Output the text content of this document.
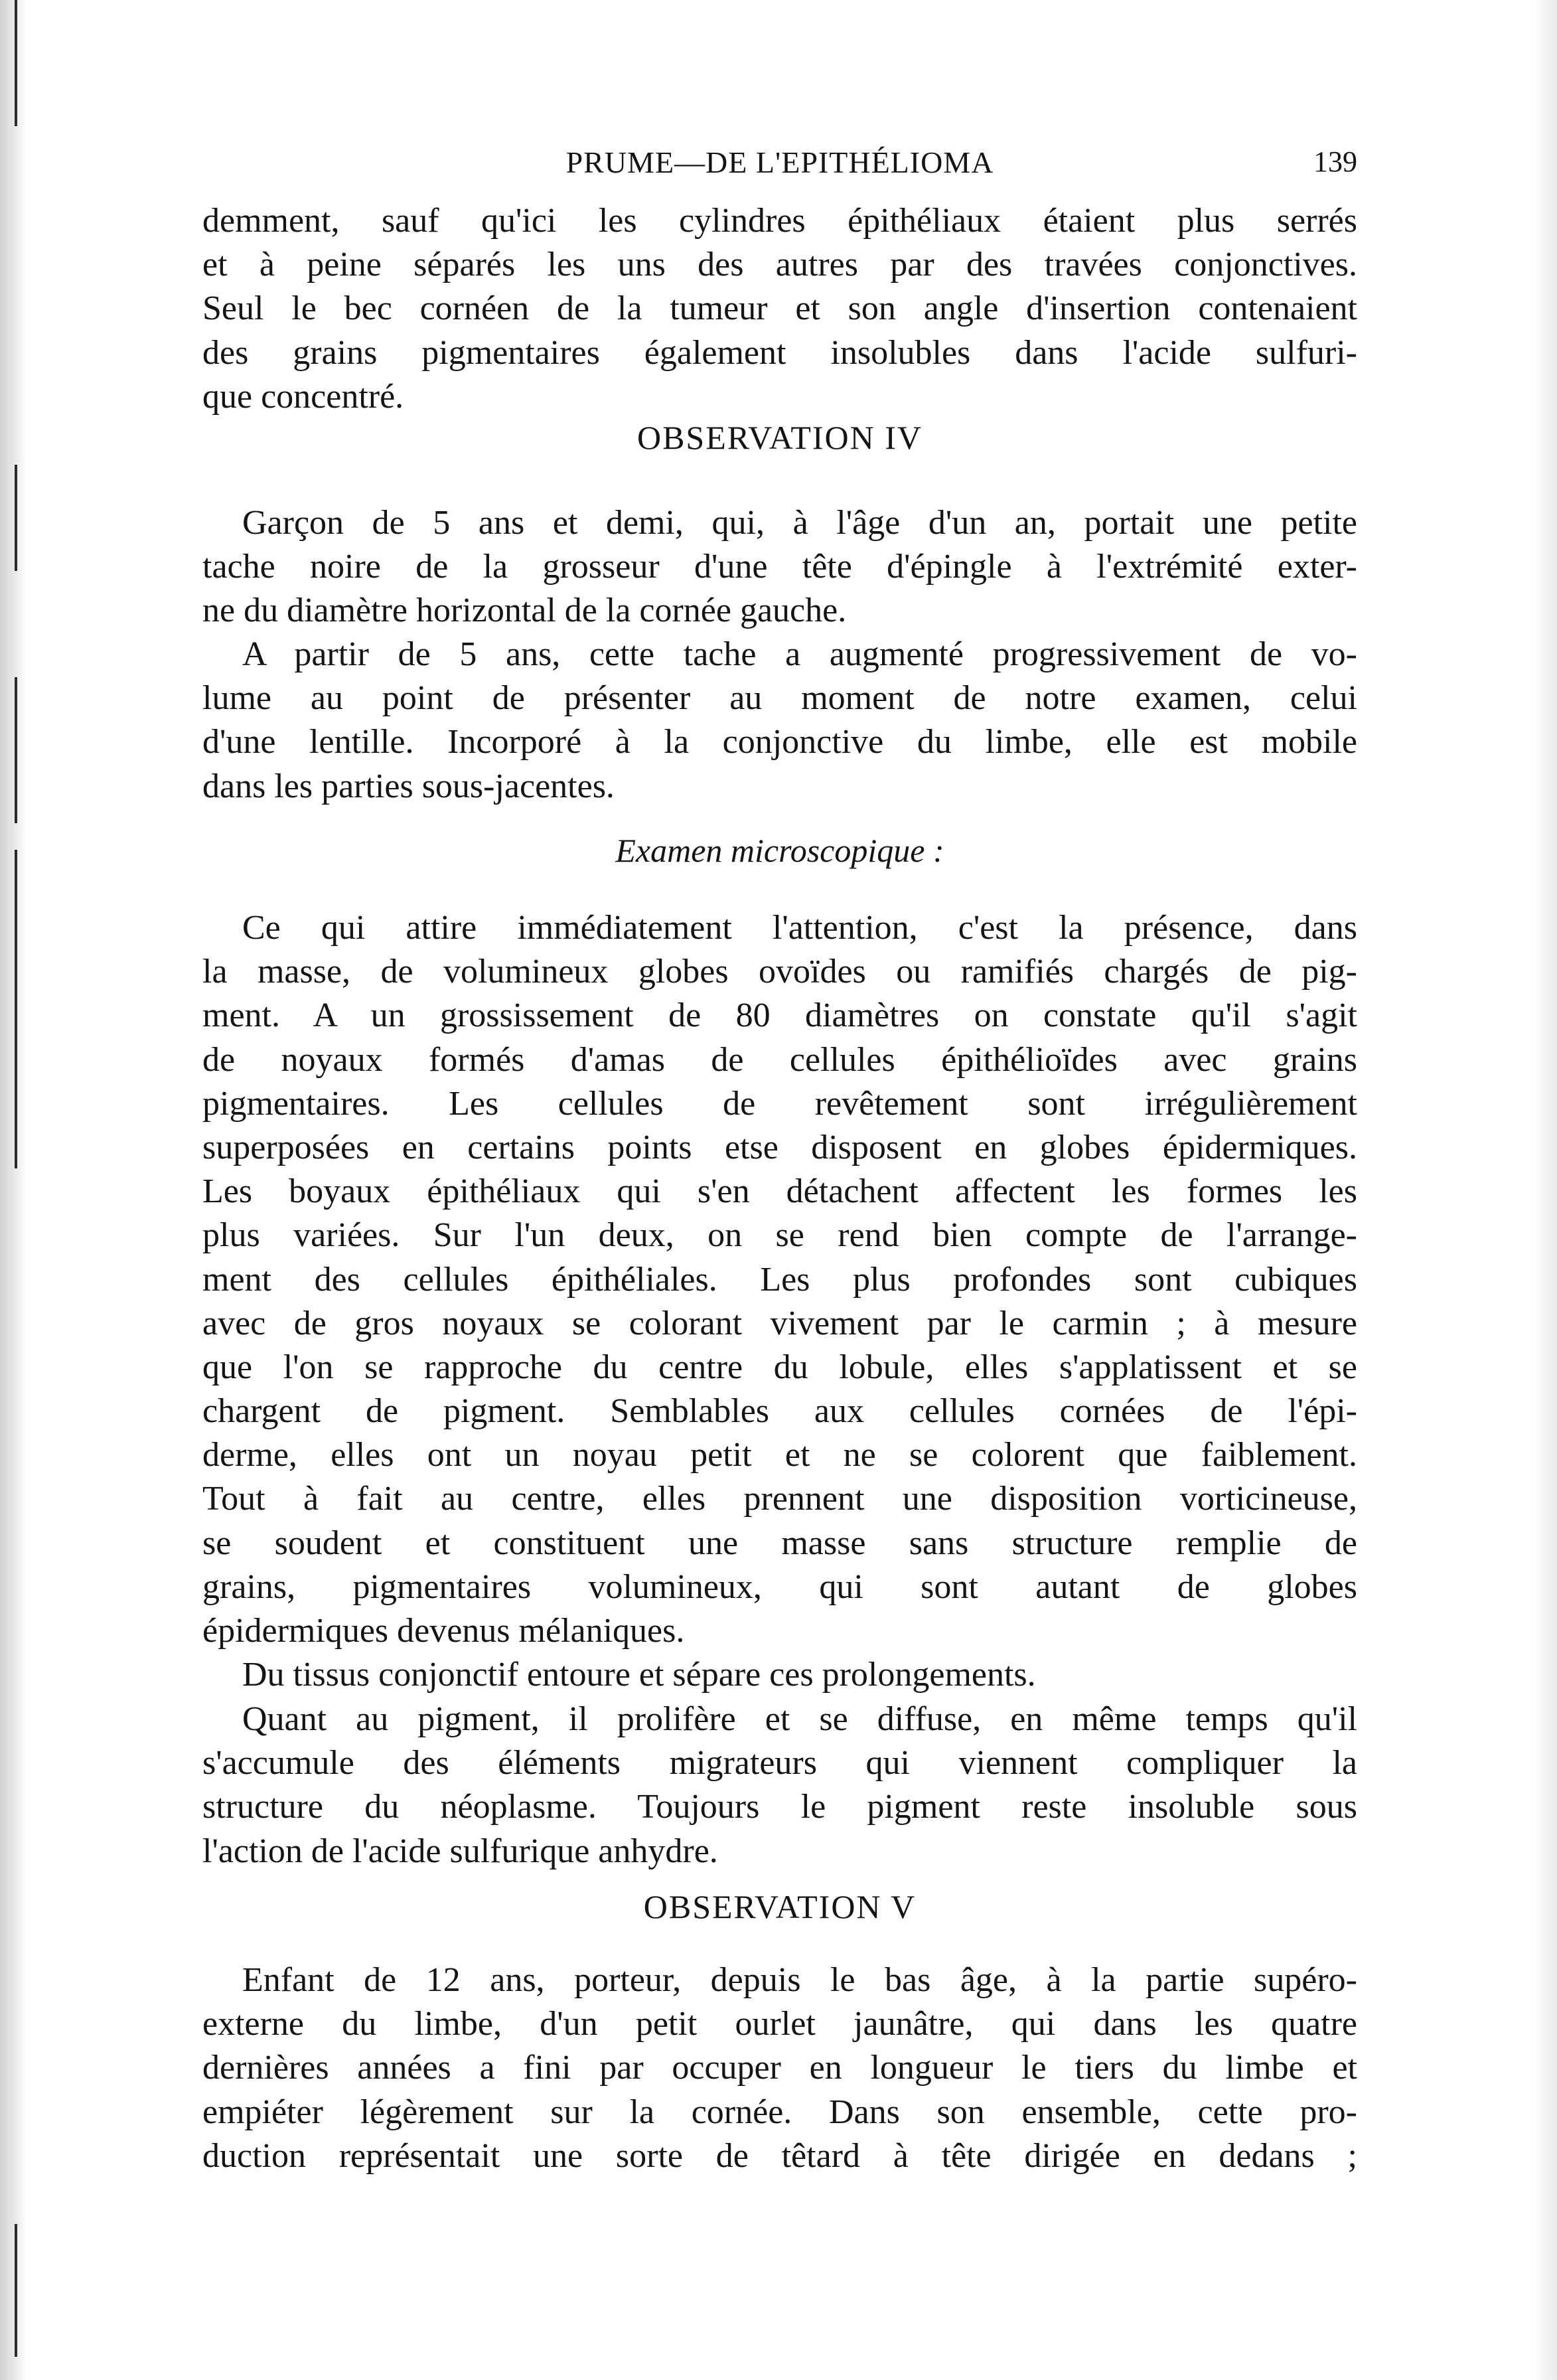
PRUME—DE L'EPITHÉLIOMA	139
demment, sauf qu'ici les cylindres épithéliaux étaient plus serrés
et à peine séparés les uns des autres par des travées conjonctives.
Seul le bec cornéen de la tumeur et son angle d'insertion contenaient
des grains pigmentaires également insolubles dans l'acide sulfuri-
que concentré.
OBSERVATION IV
Garçon de 5 ans et demi, qui, à l'âge d'un an, portait une petite
tache noire de la grosseur d'une tête d'épingle à l'extrémité exter-
ne du diamètre horizontal de la cornée gauche.
A partir de 5 ans, cette tache a augmenté progressivement de vo-
lume au point de présenter au moment de notre examen, celui
d'une lentille. Incorporé à la conjonctive du limbe, elle est mobile
dans les parties sous-jacentes.
Examen microscopique :
Ce qui attire immédiatement l'attention, c'est la présence, dans
la masse, de volumineux globes ovoïdes ou ramifiés chargés de pig-
ment. A un grossissement de 80 diamètres on constate qu'il s'agit
de noyaux formés d'amas de cellules épithélioïdes avec grains
pigmentaires. Les cellules de revêtement sont irrégulièrement
superposées en certains points etse disposent en globes épidermiques.
Les boyaux épithéliaux qui s'en détachent affectent les formes les
plus variées. Sur l'un deux, on se rend bien compte de l'arrange-
ment des cellules épithéliales. Les plus profondes sont cubiques
avec de gros noyaux se colorant vivement par le carmin ; à mesure
que l'on se rapproche du centre du lobule, elles s'applatissent et se
chargent de pigment. Semblables aux cellules cornées de l'épi-
derme, elles ont un noyau petit et ne se colorent que faiblement.
Tout à fait au centre, elles prennent une disposition vorticineuse,
se soudent et constituent une masse sans structure remplie de
grains, pigmentaires volumineux, qui sont autant de globes
épidermiques devenus mélaniques.
Du tissus conjonctif entoure et sépare ces prolongements.
Quant au pigment, il prolifère et se diffuse, en même temps qu'il
s'accumule des éléments migrateurs qui viennent compliquer la
structure du néoplasme. Toujours le pigment reste insoluble sous
l'action de l'acide sulfurique anhydre.
OBSERVATION V
Enfant de 12 ans, porteur, depuis le bas âge, à la partie supéro-
externe du limbe, d'un petit ourlet jaunâtre, qui dans les quatre
dernières années a fini par occuper en longueur le tiers du limbe et
empiéter légèrement sur la cornée. Dans son ensemble, cette pro-
duction représentait une sorte de têtard à tête dirigée en dedans ;
